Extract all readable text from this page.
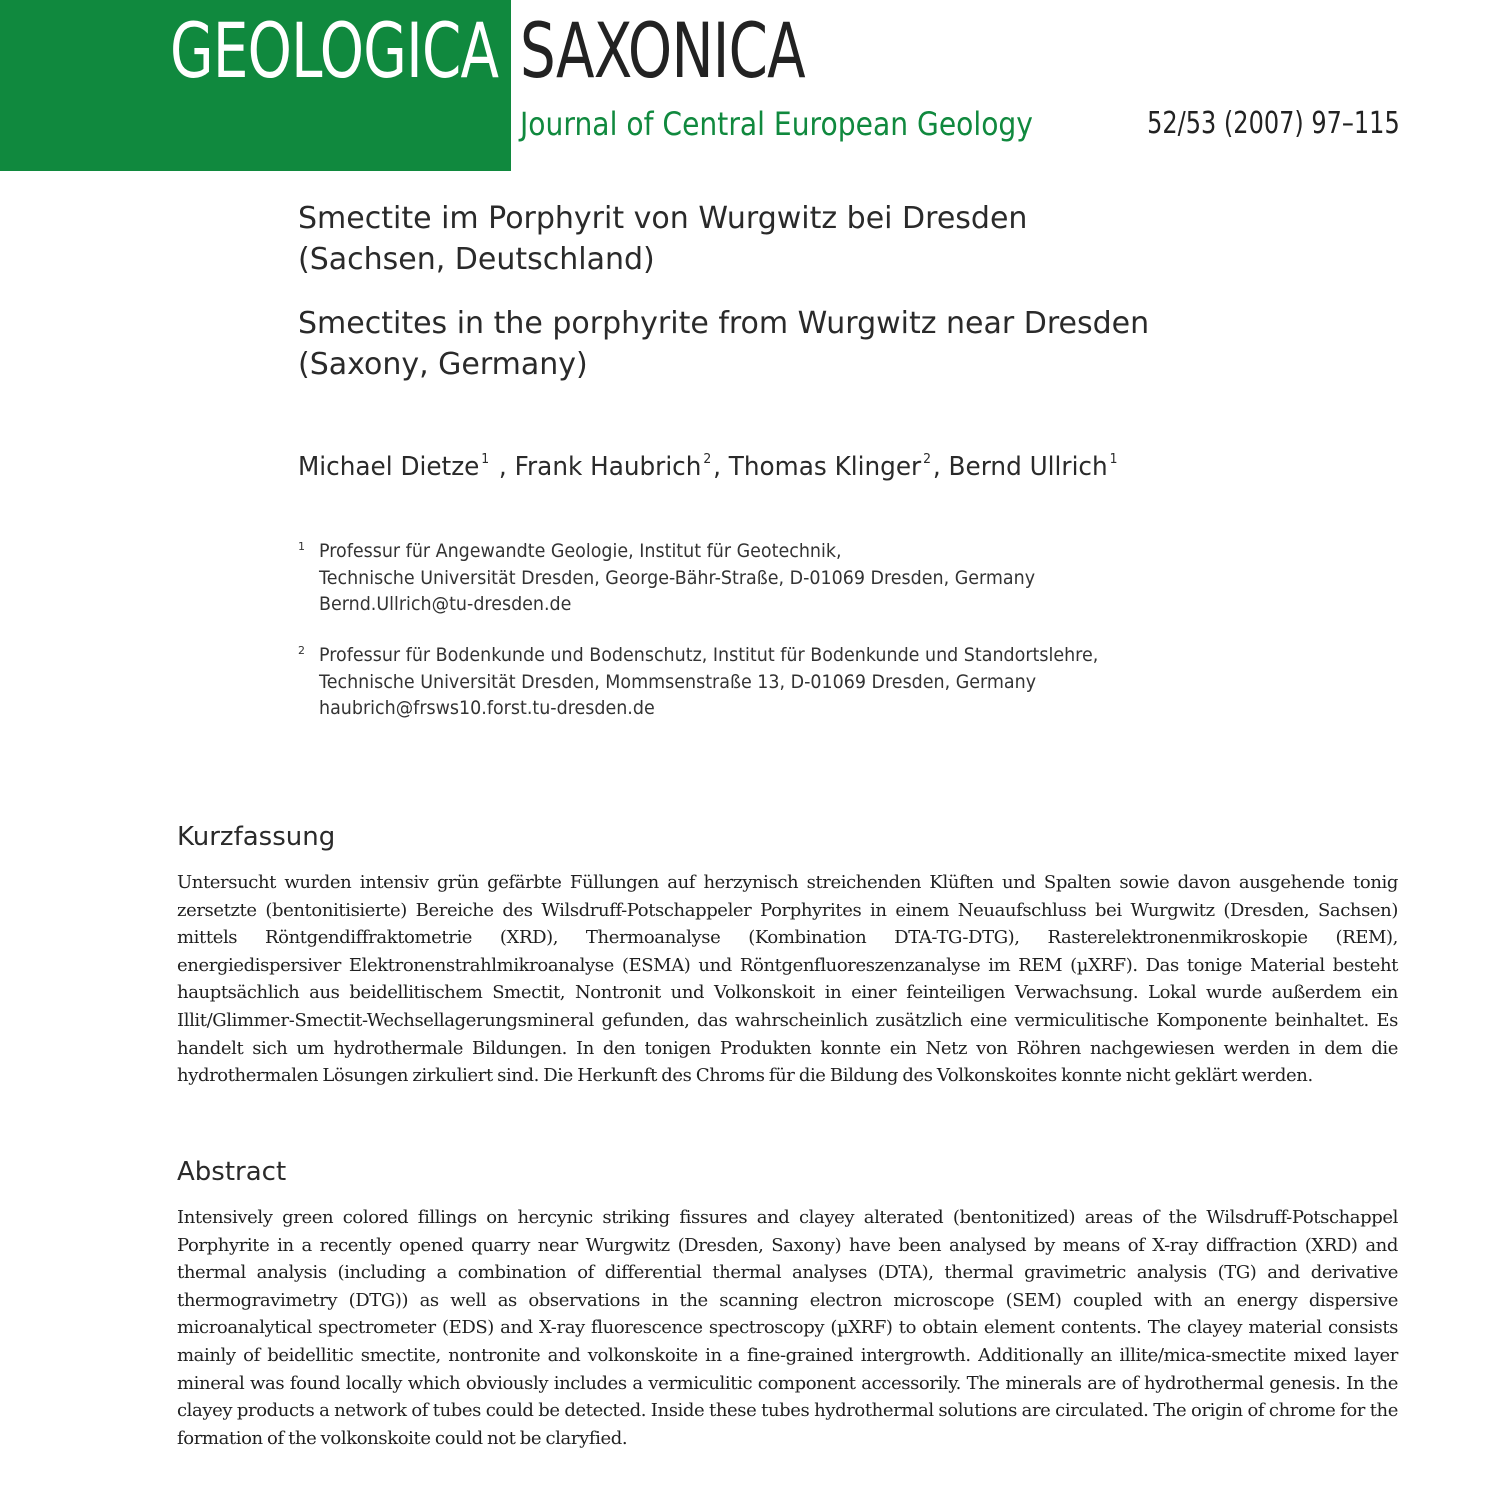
GEOLOGICA SAXONICA
Journal of Central European Geology	52/53 (2007) 97–115
Smectite im Porphyrit von Wurgwitz bei Dresden
(Sachsen, Deutschland)
Smectites in the porphyrite from Wurgwitz near Dresden
(Saxony, Germany)
Michael Dietze $^1$ , Frank Haubrich $^2$, Thomas Klinger $^2$, Bernd Ullrich $^1$
1 Professur für Angewandte Geologie, Institut für Geotechnik,
Technische Universität Dresden, George-Bähr-Straße, D-01069 Dresden, Germany
Bernd.Ullrich@tu-dresden.de
2 Professur für Bodenkunde und Bodenschutz, Institut für Bodenkunde und Standortslehre,
Technische Universität Dresden, Mommsenstraße 13, D-01069 Dresden, Germany
haubrich@frsws10.forst.tu-dresden.de
Kurzfassung
Untersucht wurden intensiv grün gefärbte Füllungen auf herzynisch streichenden Klüften und Spalten sowie davon ausgehende tonig zersetzte (bentonitisierte) Bereiche des Wilsdruff-Potschappeler Porphyrites in einem Neuaufschluss bei Wurgwitz (Dresden, Sachsen) mittels Röntgendiffraktometrie (XRD), Thermoanalyse (Kombination DTA-TG-DTG), Rasterelektronenmikroskopie (REM), energiedispersiver Elektronenstrahlmikroanalyse (ESMA) und Röntgenfluoreszenzanalyse im REM (µXRF). Das tonige Material besteht hauptsächlich aus beidellitischem Smectit, Nontronit und Volkonskoit in einer feinteiligen Verwachsung. Lokal wurde außerdem ein Illit/Glimmer-Smectit-Wechsellagerungsmineral gefunden, das wahrscheinlich zusätzlich eine vermiculitische Komponente beinhaltet. Es handelt sich um hydrothermale Bildungen. In den tonigen Produkten konnte ein Netz von Röhren nachgewiesen werden in dem die hydrothermalen Lösungen zirkuliert sind. Die Herkunft des Chroms für die Bildung des Volkonskoites konnte nicht geklärt werden.
Abstract
Intensively green colored fillings on hercynic striking fissures and clayey alterated (bentonitized) areas of the Wilsdruff-Potschappel Porphyrite in a recently opened quarry near Wurgwitz (Dresden, Saxony) have been analysed by means of X-ray diffraction (XRD) and thermal analysis (including a combination of differential thermal analyses (DTA), thermal gravimetric analysis (TG) and derivative thermogravimetry (DTG)) as well as observations in the scanning electron microscope (SEM) coupled with an energy dispersive microanalytical spectrometer (EDS) and X-ray fluorescence spectroscopy (µXRF) to obtain element contents. The clayey material consists mainly of beidellitic smectite, nontronite and volkonskoite in a fine-grained intergrowth. Additionally an illite/mica-smectite mixed layer mineral was found locally which obviously includes a vermiculitic component accessorily. The minerals are of hydrothermal genesis. In the clayey products a network of tubes could be detected. Inside these tubes hydrothermal solutions are circulated. The origin of chrome for the formation of the volkonskoite could not be claryfied.
